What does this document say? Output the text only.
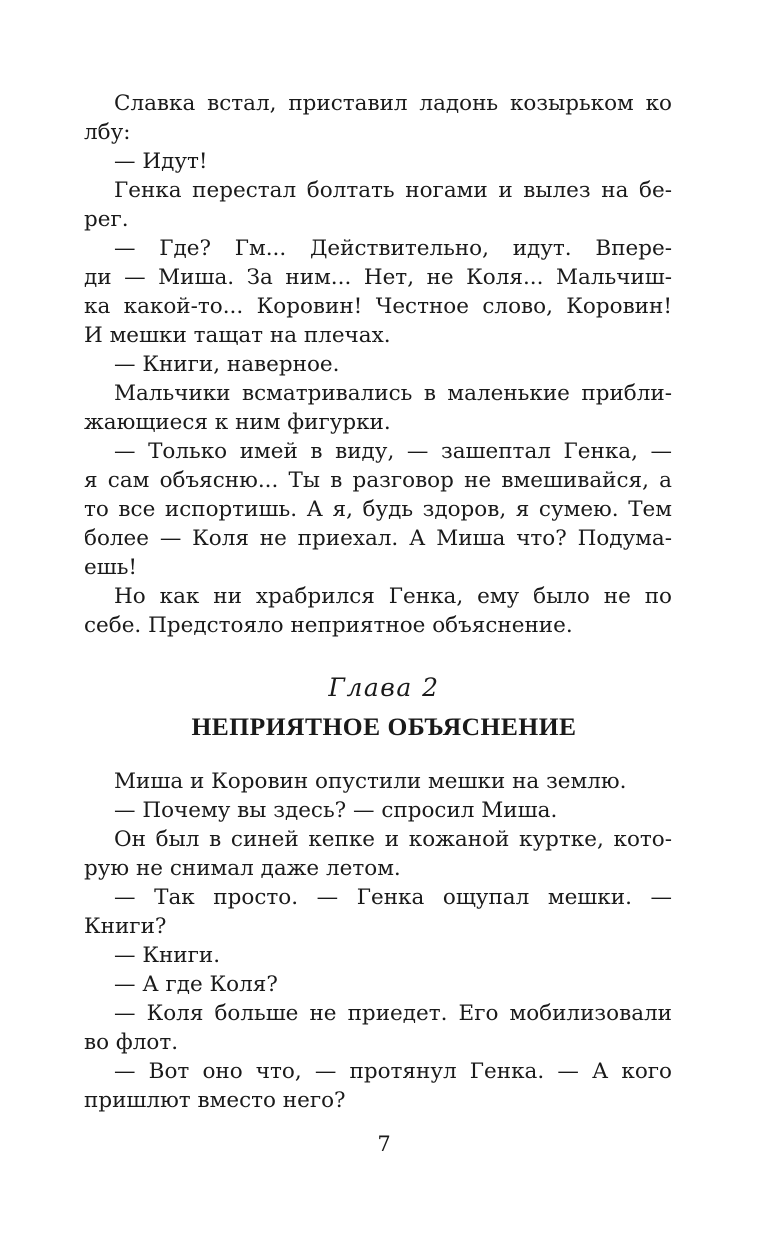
Славка встал, приставил ладонь козырьком ко
лбу:
— Идут!
Генка перестал болтать ногами и вылез на бе-
рег.
— Где? Гм... Действительно, идут. Впере-
ди — Миша. За ним... Нет, не Коля... Мальчиш-
ка какой-то... Коровин! Честное слово, Коровин!
И мешки тащат на плечах.
— Книги, наверное.
Мальчики всматривались в маленькие прибли-
жающиеся к ним фигурки.
— Только имей в виду, — зашептал Генка, —
я сам объясню... Ты в разговор не вмешивайся, а
то все испортишь. А я, будь здоров, я сумею. Тем
более — Коля не приехал. А Миша что? Подума-
ешь!
Но как ни храбрился Генка, ему было не по
себе. Предстояло неприятное объяснение.
Глава 2
НЕПРИЯТНОЕ ОБЪЯСНЕНИЕ
Миша и Коровин опустили мешки на землю.
— Почему вы здесь? — спросил Миша.
Он был в синей кепке и кожаной куртке, кото-
рую не снимал даже летом.
— Так просто. — Генка ощупал мешки. —
Книги?
— Книги.
— А где Коля?
— Коля больше не приедет. Его мобилизовали
во флот.
— Вот оно что, — протянул Генка. — А кого
пришлют вместо него?
7
